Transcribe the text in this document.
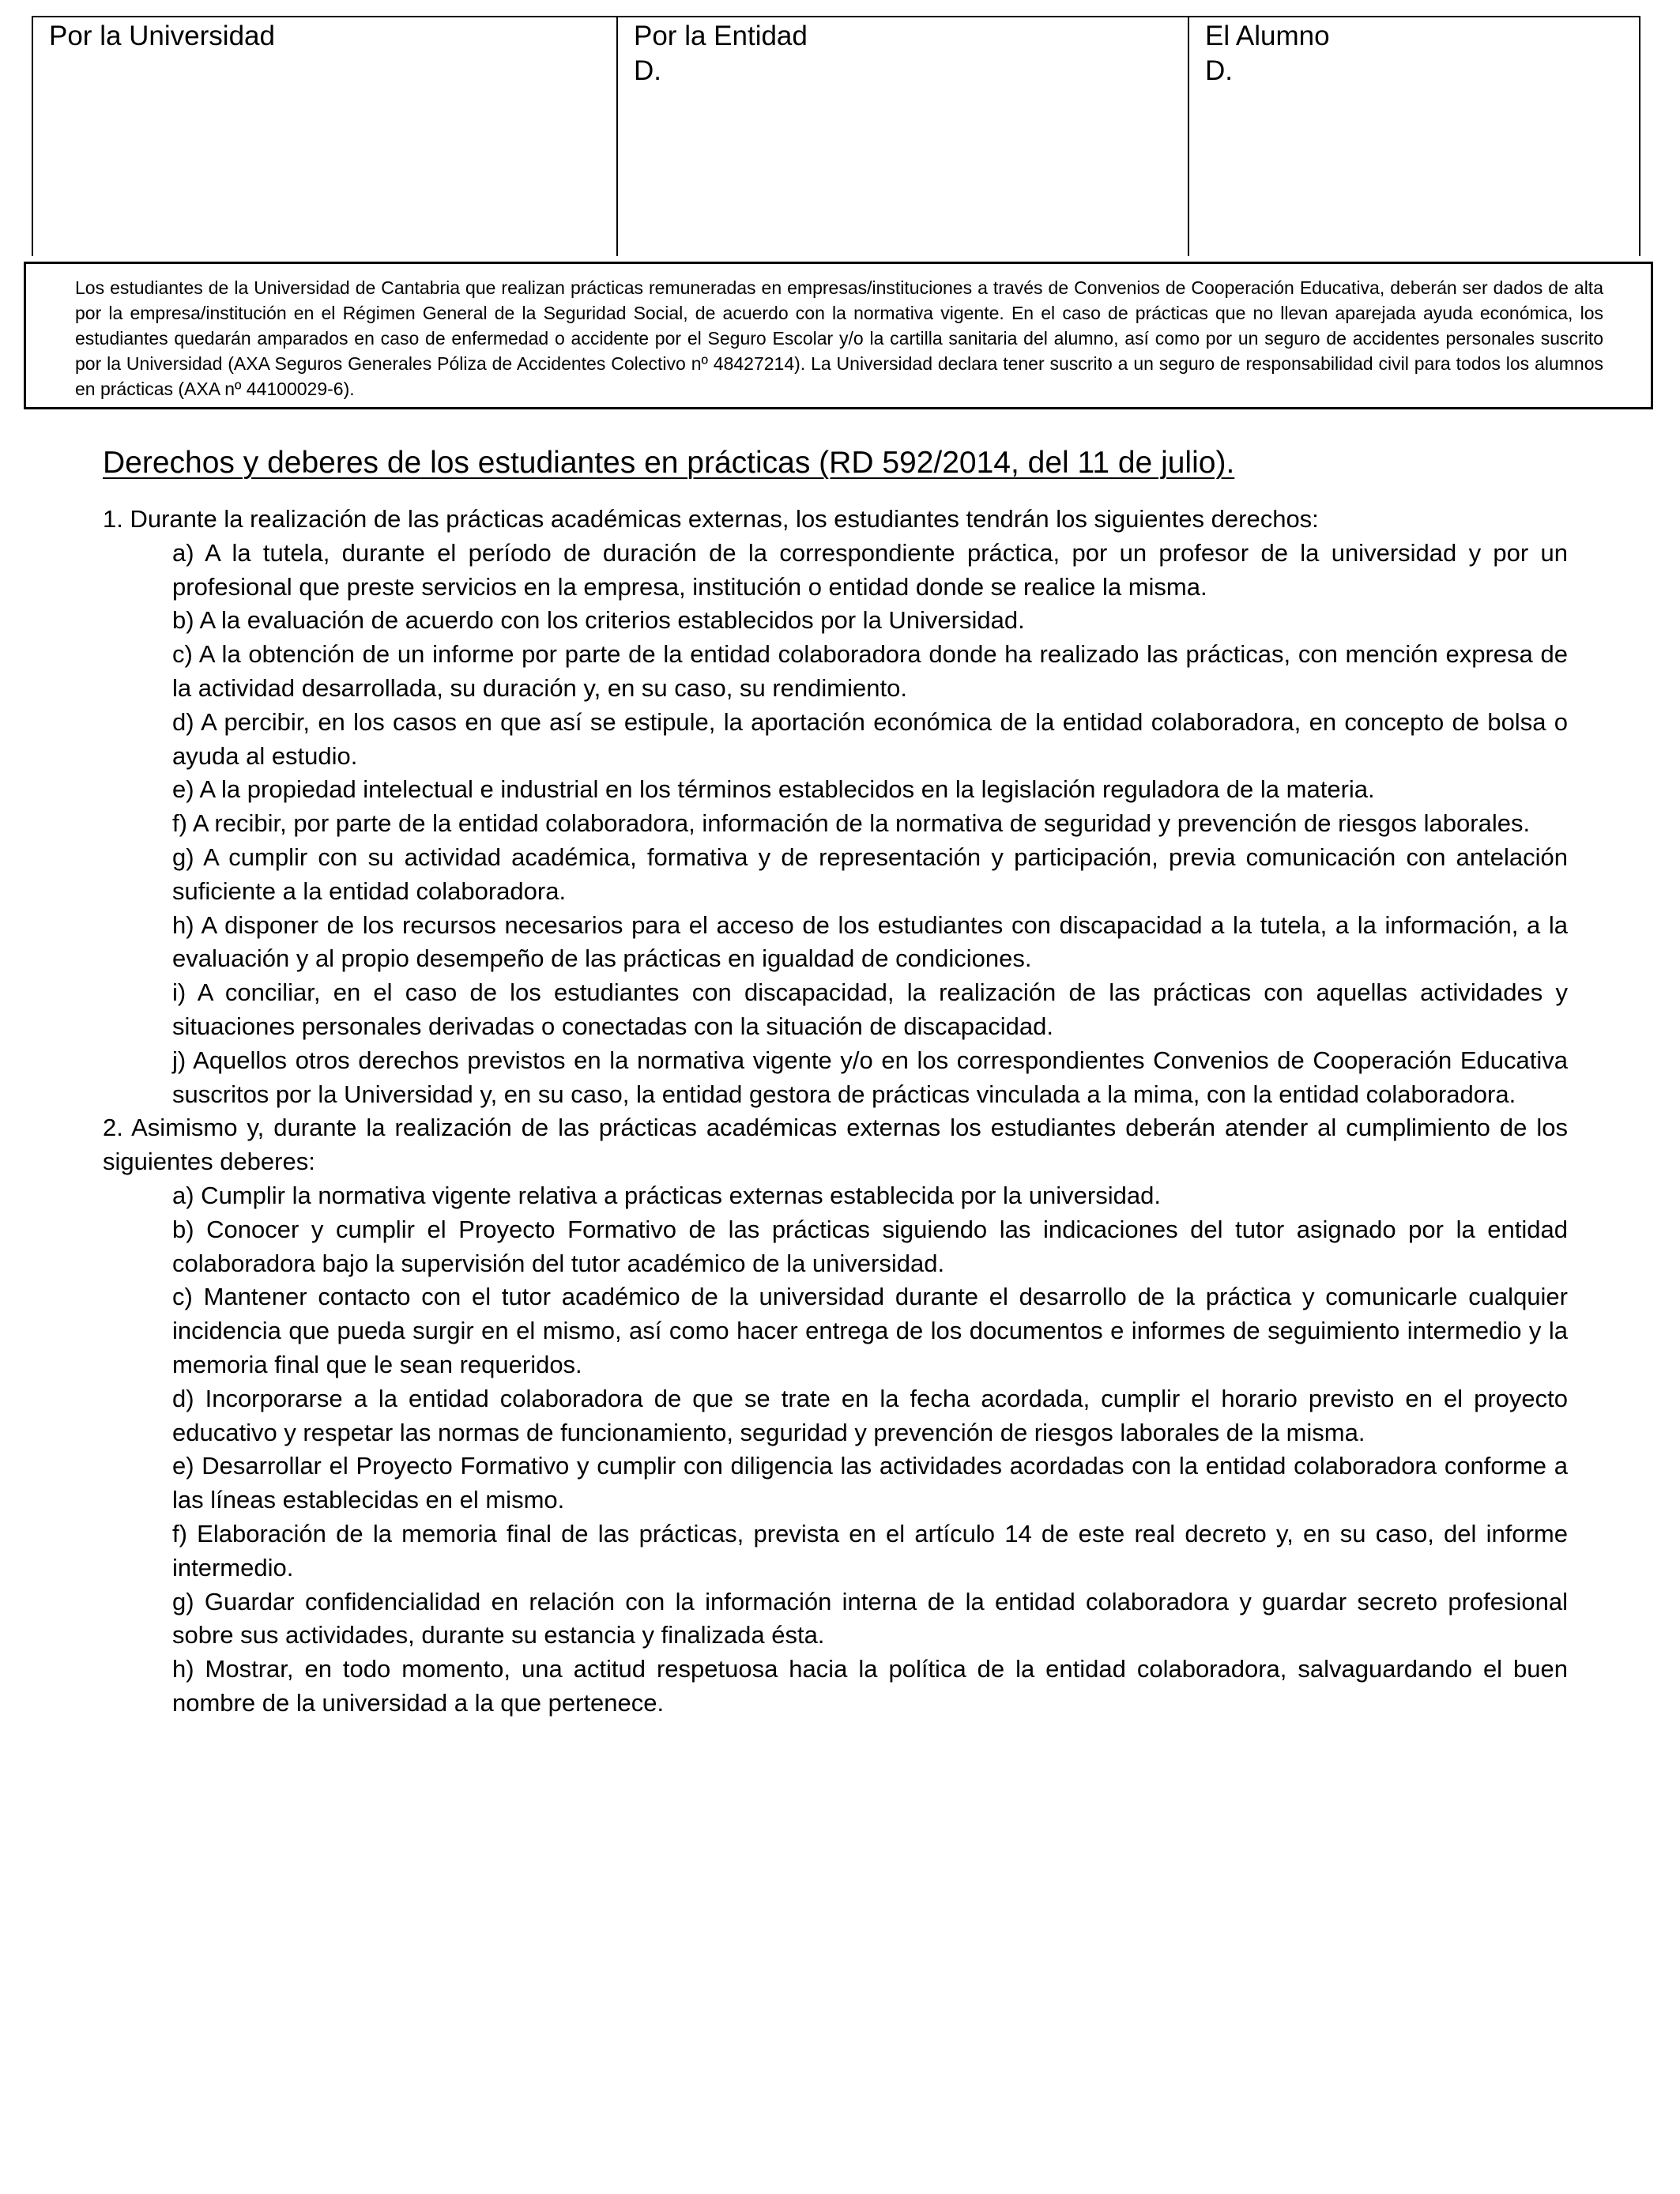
Por la Universidad	Por la Entidad
D.
El Alumno
D.
Los estudiantes de la Universidad de Cantabria que realizan prácticas remuneradas en empresas/instituciones a través de Convenios de Cooperación Educativa, deberán ser dados de alta por la empresa/institución en el Régimen General de la Seguridad Social, de acuerdo con la normativa vigente. En el caso de prácticas que no llevan aparejada ayuda económica, los estudiantes quedarán amparados en caso de enfermedad o accidente por el Seguro Escolar y/o la cartilla sanitaria del alumno, así como por un seguro de accidentes personales suscrito por la Universidad (AXA Seguros Generales Póliza de Accidentes Colectivo nº 48427214). La Universidad declara tener suscrito a un seguro de responsabilidad civil para todos los alumnos en prácticas (AXA nº 44100029-6).
Derechos y deberes de los estudiantes en prácticas (RD 592/2014, del 11 de julio).

1. Durante la realización de las prácticas académicas externas, los estudiantes tendrán los siguientes derechos:

a) A la tutela, durante el período de duración de la correspondiente práctica, por un profesor de la universidad y por un profesional que preste servicios en la empresa, institución o entidad donde se realice la misma.

b) A la evaluación de acuerdo con los criterios establecidos por la Universidad.

c) A la obtención de un informe por parte de la entidad colaboradora donde ha realizado las prácticas, con mención expresa de la actividad desarrollada, su duración y, en su caso, su rendimiento.

d) A percibir, en los casos en que así se estipule, la aportación económica de la entidad colaboradora, en concepto de bolsa o ayuda al estudio.

e) A la propiedad intelectual e industrial en los términos establecidos en la legislación reguladora de la materia.

f) A recibir, por parte de la entidad colaboradora, información de la normativa de seguridad y prevención de riesgos laborales.

g) A cumplir con su actividad académica, formativa y de representación y participación, previa comunicación con antelación suficiente a la entidad colaboradora.

h) A disponer de los recursos necesarios para el acceso de los estudiantes con discapacidad a la tutela, a la información, a la evaluación y al propio desempeño de las prácticas en igualdad de condiciones.

i) A conciliar, en el caso de los estudiantes con discapacidad, la realización de las prácticas con aquellas actividades y situaciones personales derivadas o conectadas con la situación de discapacidad.

j) Aquellos otros derechos previstos en la normativa vigente y/o en los correspondientes Convenios de Cooperación Educativa suscritos por la Universidad y, en su caso, la entidad gestora de prácticas vinculada a la mima, con la entidad colaboradora.

2. Asimismo y, durante la realización de las prácticas académicas externas los estudiantes deberán atender al cumplimiento de los siguientes deberes:

a) Cumplir la normativa vigente relativa a prácticas externas establecida por la universidad.

b) Conocer y cumplir el Proyecto Formativo de las prácticas siguiendo las indicaciones del tutor asignado por la entidad colaboradora bajo la supervisión del tutor académico de la universidad.

c) Mantener contacto con el tutor académico de la universidad durante el desarrollo de la práctica y comunicarle cualquier incidencia que pueda surgir en el mismo, así como hacer entrega de los documentos e informes de seguimiento intermedio y la memoria final que le sean requeridos.

d) Incorporarse a la entidad colaboradora de que se trate en la fecha acordada, cumplir el horario previsto en el proyecto educativo y respetar las normas de funcionamiento, seguridad y prevención de riesgos laborales de la misma.

e) Desarrollar el Proyecto Formativo y cumplir con diligencia las actividades acordadas con la entidad colaboradora conforme a las líneas establecidas en el mismo.

f) Elaboración de la memoria final de las prácticas, prevista en el artículo 14 de este real decreto y, en su caso, del informe intermedio.

g) Guardar confidencialidad en relación con la información interna de la entidad colaboradora y guardar secreto profesional sobre sus actividades, durante su estancia y finalizada ésta.

h) Mostrar, en todo momento, una actitud respetuosa hacia la política de la entidad colaboradora, salvaguardando el buen nombre de la universidad a la que pertenece.
